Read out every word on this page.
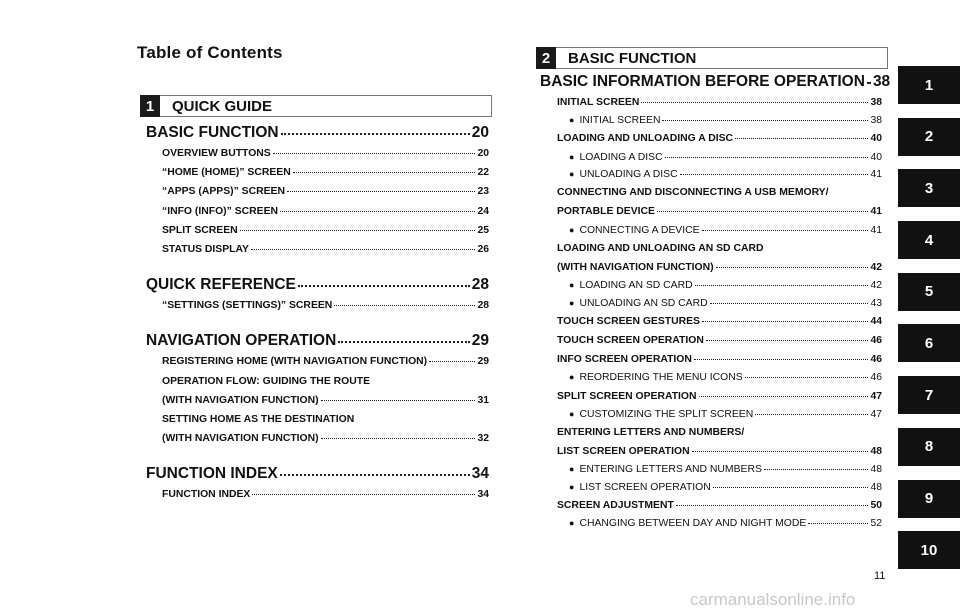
Table of Contents
1	QUICK GUIDE
BASIC FUNCTION	20
OVERVIEW BUTTONS	20
“HOME (HOME)” SCREEN	22
“APPS (APPS)” SCREEN	23
“INFO (INFO)” SCREEN	24
SPLIT SCREEN	25
STATUS DISPLAY	26
QUICK REFERENCE	28
“SETTINGS (SETTINGS)” SCREEN	28
NAVIGATION OPERATION	29
REGISTERING HOME (WITH NAVIGATION FUNCTION)	29
OPERATION FLOW: GUIDING THE ROUTE
(WITH NAVIGATION FUNCTION)	31
SETTING HOME AS THE DESTINATION
(WITH NAVIGATION FUNCTION)	32
FUNCTION INDEX	34
FUNCTION INDEX	34
2	BASIC FUNCTION
BASIC INFORMATION BEFORE OPERATION 38
INITIAL SCREEN	38
● INITIAL SCREEN	38
LOADING AND UNLOADING A DISC	40
● LOADING A DISC	40
● UNLOADING A DISC	41
CONNECTING AND DISCONNECTING A USB MEMORY/
PORTABLE DEVICE	41
● CONNECTING A DEVICE	41
LOADING AND UNLOADING AN SD CARD
(WITH NAVIGATION FUNCTION)	42
● LOADING AN SD CARD	42
● UNLOADING AN SD CARD	43
TOUCH SCREEN GESTURES	44
TOUCH SCREEN OPERATION	46
INFO SCREEN OPERATION	46
● REORDERING THE MENU ICONS	46
SPLIT SCREEN OPERATION	47
● CUSTOMIZING THE SPLIT SCREEN	47
ENTERING LETTERS AND NUMBERS/
LIST SCREEN OPERATION	48
● ENTERING LETTERS AND NUMBERS	48
● LIST SCREEN OPERATION	48
SCREEN ADJUSTMENT	50
● CHANGING BETWEEN DAY AND NIGHT MODE	52
1
2
3
4
5
6
7
8
9
10
11
carmanualsonline.info
